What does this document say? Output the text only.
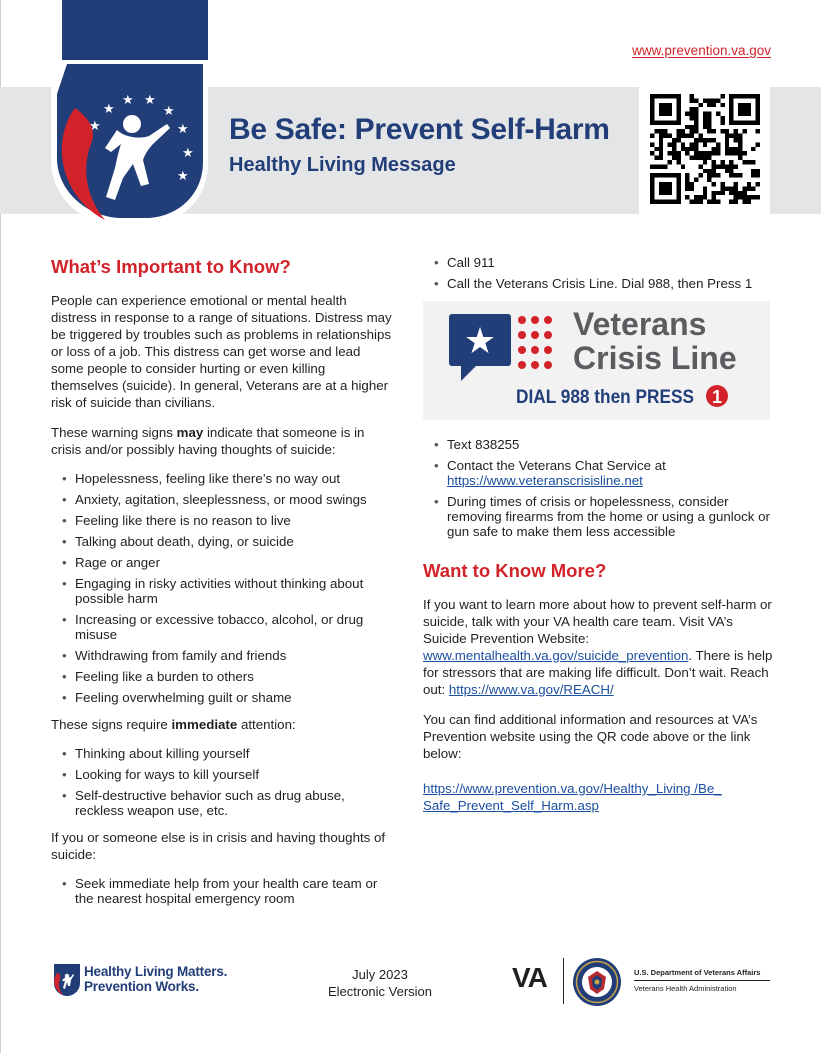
www.prevention.va.gov
★
★ ★
★
★
★
★
★	Be Safe: Prevent Self-Harm
Healthy Living Message
What’s Important to Know?

People can experience emotional or mental health distress in response to a range of situations. Distress may be triggered by troubles such as problems in relationships or loss of a job. This distress can get worse and lead some people to consider hurting or even killing themselves (suicide). In general, Veterans are at a higher risk of suicide than civilians.

These warning signs may indicate that someone is in crisis and/or possibly having thoughts of suicide:

• Hopelessness, feeling like there’s no way out
• Anxiety, agitation, sleeplessness, or mood swings
• Feeling like there is no reason to live
• Talking about death, dying, or suicide
• Rage or anger
• Engaging in risky activities without thinking about possible harm
• Increasing or excessive tobacco, alcohol, or drug misuse
• Withdrawing from family and friends
• Feeling like a burden to others
• Feeling overwhelming guilt or shame

These signs require immediate attention:

• Thinking about killing yourself
• Looking for ways to kill yourself
• Self-destructive behavior such as drug abuse, reckless weapon use, etc.

If you or someone else is in crisis and having thoughts of suicide:

• Seek immediate help from your health care team or the nearest hospital emergency room
• Call 911
• Call the Veterans Crisis Line. Dial 988, then Press 1
★ Veterans
Crisis Line
DIAL 988 then PRESS 1
• Text 838255
• Contact the Veterans Chat Service at
https://www.veteranscrisisline.net
• During times of crisis or hopelessness, consider removing firearms from the home or using a gunlock or gun safe to make them less accessible
Want to Know More?

If you want to learn more about how to prevent self-harm or suicide, talk with your VA health care team. Visit VA’s Suicide Prevention Website: www.mentalhealth.va.gov/suicide_prevention. There is help for stressors that are making life difficult. Don’t wait. Reach out: https://www.va.gov/REACH/

You can find additional information and resources at VA’s Prevention website using the QR code above or the link below:

https://www.prevention.va.gov/Healthy_Living /Be_ Safe_Prevent_Self_Harm.asp

Healthy Living Matters.
Prevention Works.
July 2023
Electronic Version	VA	U.S. Department of Veterans Affairs
Veterans Health Administration
